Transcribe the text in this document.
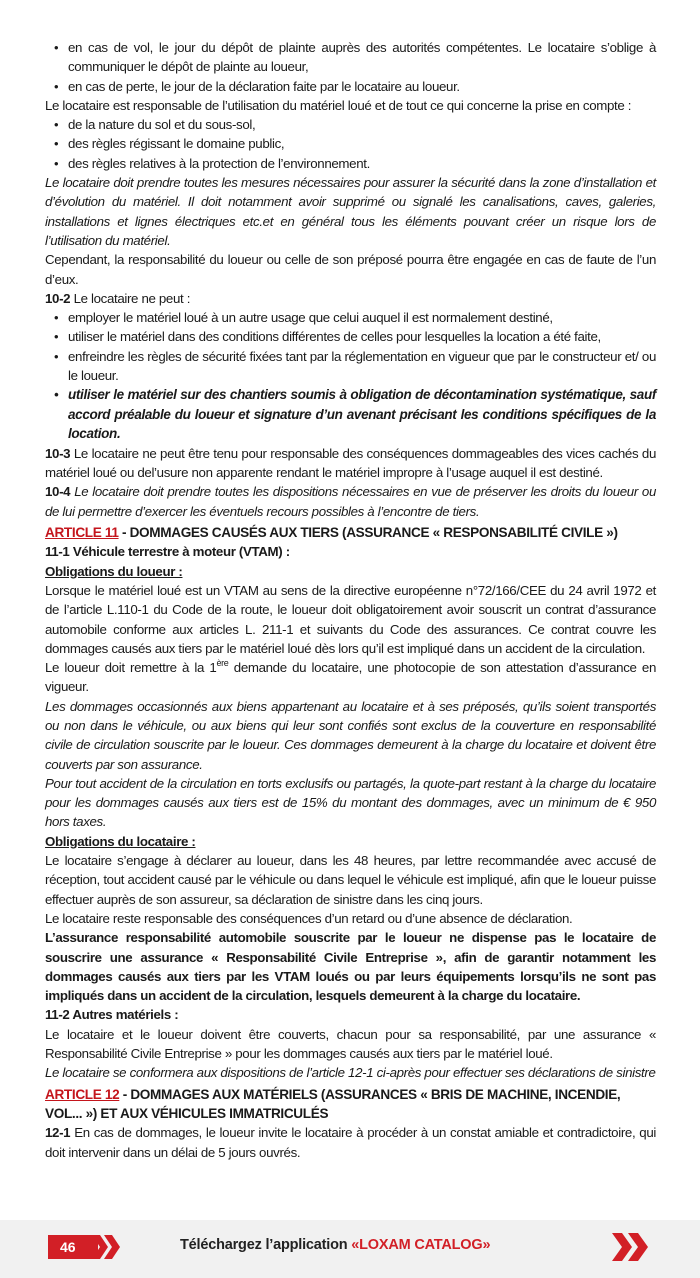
• en cas de vol, le jour du dépôt de plainte auprès des autorités compétentes. Le locataire s’oblige à communiquer le dépôt de plainte au loueur,
• en cas de perte, le jour de la déclaration faite par le locataire au loueur.

Le locataire est responsable de l’utilisation du matériel loué et de tout ce qui concerne la prise en compte :

• de la nature du sol et du sous-sol,
• des règles régissant le domaine public,
• des règles relatives à la protection de l’environnement.

Le locataire doit prendre toutes les mesures nécessaires pour assurer la sécurité dans la zone d’installation et d’évolution du matériel. Il doit notamment avoir supprimé ou signalé les canalisations, caves, galeries, installations et lignes électriques etc.et en général tous les éléments pouvant créer un risque lors de l’utilisation du matériel.

Cependant, la responsabilité du loueur ou celle de son préposé pourra être engagée en cas de faute de l’un d’eux.

10-2 Le locataire ne peut :

• employer le matériel loué à un autre usage que celui auquel il est normalement destiné,
• utiliser le matériel dans des conditions différentes de celles pour lesquelles la location a été faite,
• enfreindre les règles de sécurité fixées tant par la réglementation en vigueur que par le constructeur et/ ou le loueur.
• utiliser le matériel sur des chantiers soumis à obligation de décontamination systématique, sauf accord préalable du loueur et signature d’un avenant précisant les conditions spécifiques de la location.

10-3 Le locataire ne peut être tenu pour responsable des conséquences dommageables des vices cachés du matériel loué ou del’usure non apparente rendant le matériel impropre à l’usage auquel il est destiné.

10-4 Le locataire doit prendre toutes les dispositions nécessaires en vue de préserver les droits du loueur ou de lui permettre d’exercer les éventuels recours possibles à l’encontre de tiers.

ARTICLE 11 - DOMMAGES CAUSÉS AUX TIERS (ASSURANCE « RESPONSABILITÉ CIVILE »)
11-1 Véhicule terrestre à moteur (VTAM) :
Obligations du loueur :

Lorsque le matériel loué est un VTAM au sens de la directive européenne n°72/166/CEE du 24 avril 1972 et de l’article L.110-1 du Code de la route, le loueur doit obligatoirement avoir souscrit un contrat d’assurance automobile conforme aux articles L. 211-1 et suivants du Code des assurances. Ce contrat couvre les dommages causés aux tiers par le matériel loué dès lors qu’il est impliqué dans un accident de la circulation.

Le loueur doit remettre à la 1ère demande du locataire, une photocopie de son attestation d’assurance en vigueur.

Les dommages occasionnés aux biens appartenant au locataire et à ses préposés, qu’ils soient transportés ou non dans le véhicule, ou aux biens qui leur sont confiés sont exclus de la couverture en responsabilité civile de circulation souscrite par le loueur. Ces dommages demeurent à la charge du locataire et doivent être couverts par son assurance.

Pour tout accident de la circulation en torts exclusifs ou partagés, la quote-part restant à la charge du locataire pour les dommages causés aux tiers est de 15% du montant des dommages, avec un minimum de € 950 hors taxes.

Obligations du locataire :

Le locataire s’engage à déclarer au loueur, dans les 48 heures, par lettre recommandée avec accusé de réception, tout accident causé par le véhicule ou dans lequel le véhicule est impliqué, afin que le loueur puisse effectuer auprès de son assureur, sa déclaration de sinistre dans les cinq jours.

Le locataire reste responsable des conséquences d’un retard ou d’une absence de déclaration.

L’assurance responsabilité automobile souscrite par le loueur ne dispense pas le locataire de souscrire une assurance « Responsabilité Civile Entreprise », afin de garantir notamment les dommages causés aux tiers par les VTAM loués ou par leurs équipements lorsqu’ils ne sont pas impliqués dans un accident de la circulation, lesquels demeurent à la charge du locataire.

11-2 Autres matériels :

Le locataire et le loueur doivent être couverts, chacun pour sa responsabilité, par une assurance « Responsabilité Civile Entreprise » pour les dommages causés aux tiers par le matériel loué.

Le locataire se conformera aux dispositions de l’article 12-1 ci-après pour effectuer ses déclarations de sinistre

ARTICLE 12 - DOMMAGES AUX MATÉRIELS (ASSURANCES « BRIS DE MACHINE, INCENDIE, VOL... ») ET AUX VÉHICULES IMMATRICULÉS

12-1 En cas de dommages, le loueur invite le locataire à procéder à un constat amiable et contradictoire, qui doit intervenir dans un délai de 5 jours ouvrés.

46	Téléchargez l’application «LOXAM CATALOG»
